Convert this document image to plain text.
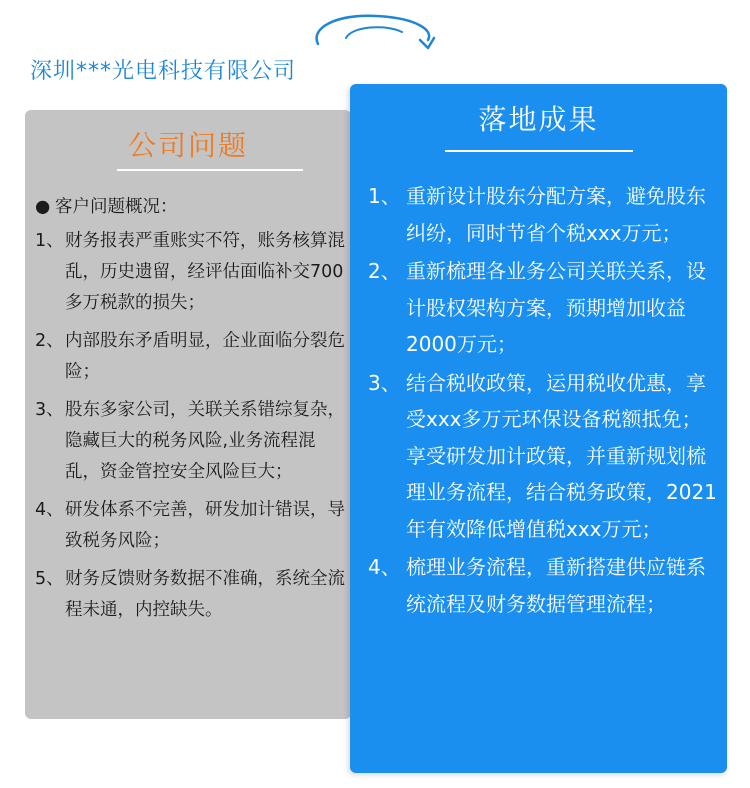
深圳***光电科技有限公司
公司问题
● 客户问题概况：
1、 财务报表严重账实不符，账务核算混乱，历史遗留，经评估面临补交700多万税款的损失；
2、 内部股东矛盾明显，企业面临分裂危险；
3、 股东多家公司，关联关系错综复杂，隐藏巨大的税务风险,业务流程混乱，资金管控安全风险巨大；
4、 研发体系不完善，研发加计错误，导致税务风险；
5、 财务反馈财务数据不准确，系统全流 程未通，内控缺失。
落地成果
1、 重新设计股东分配方案，避免股东纠纷，同时节省个税xxx万元；
2、 重新梳理各业务公司关联关系，设计股权架构方案，预期增加收益2000万元；
3、 结合税收政策，运用税收优惠，享受xxx多万元环保设备税额抵免；享受研发加计政策，并重新规划梳理业务流程，结合税务政策，2021年有效降低增值税xxx万元；
4、 梳理业务流程，重新搭建供应链系统流程及财务数据管理流程；
